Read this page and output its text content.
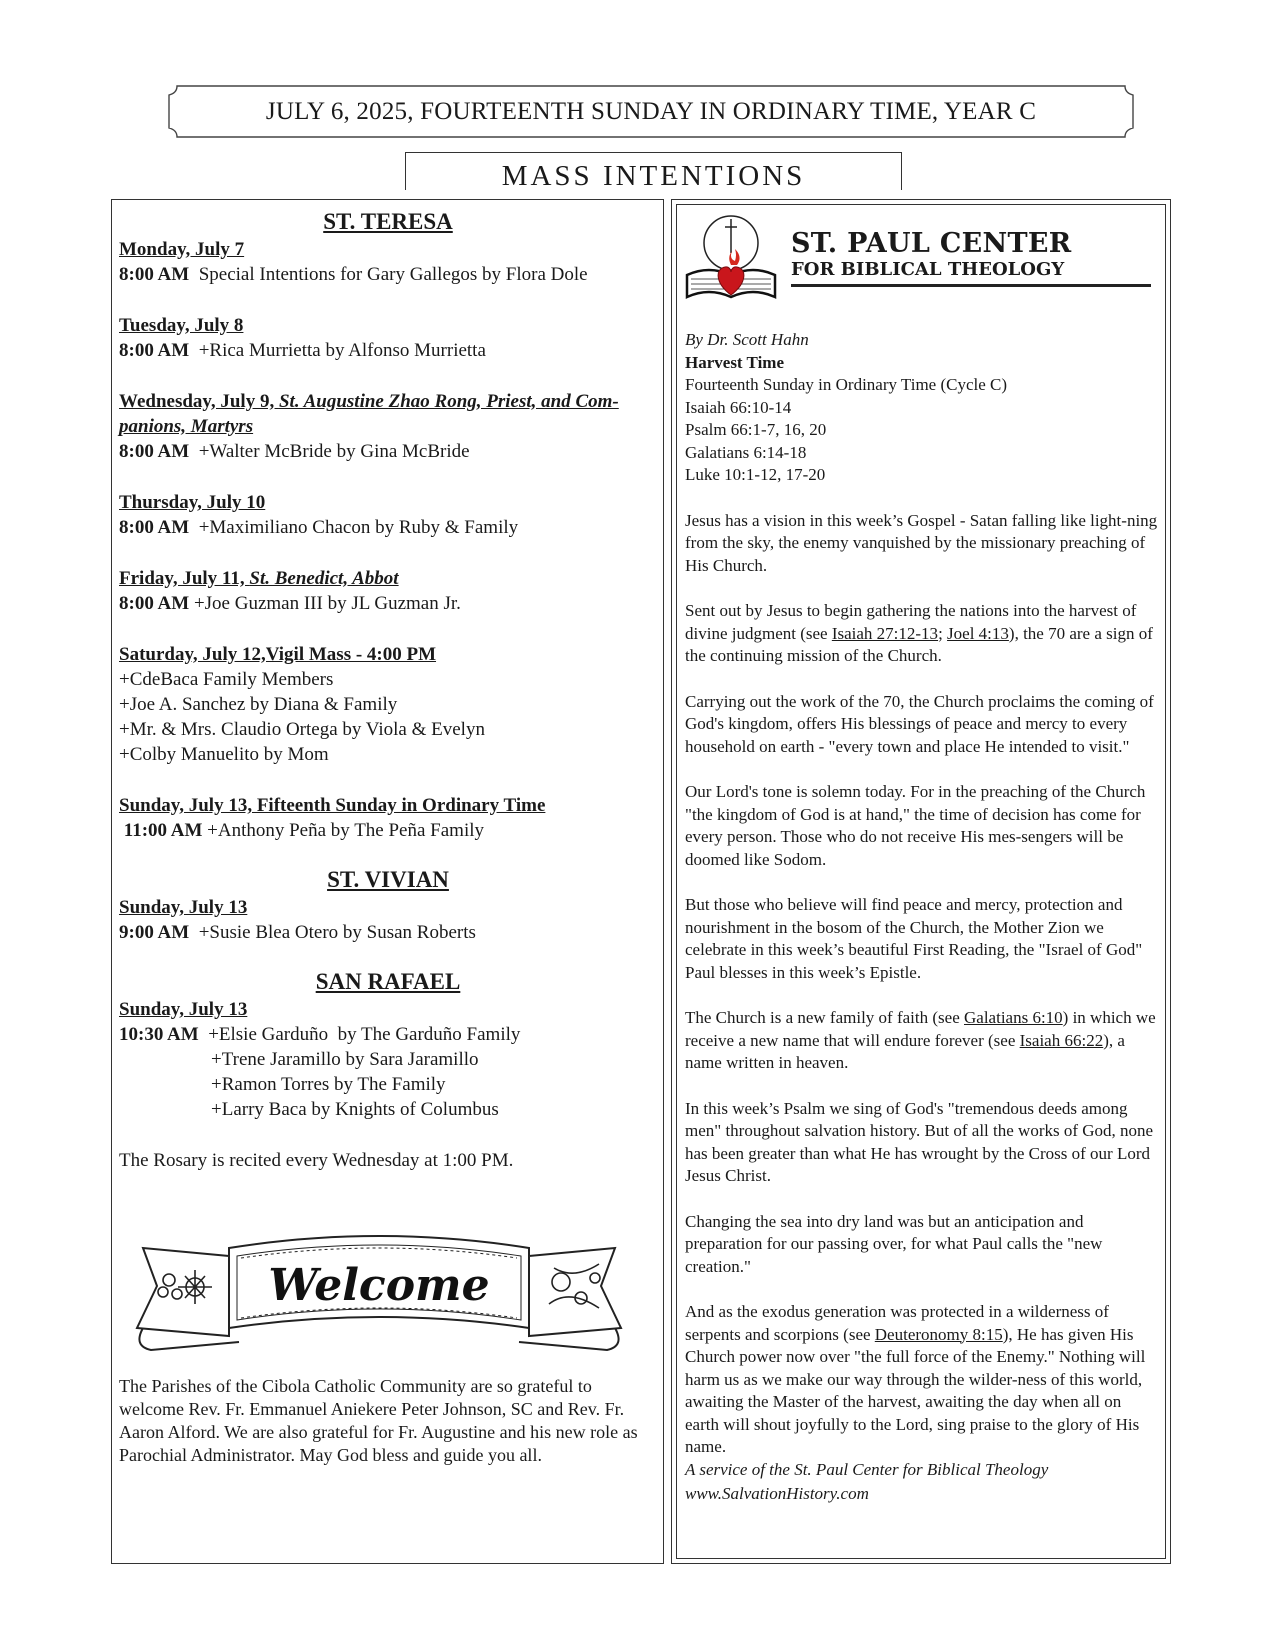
JULY 6, 2025, FOURTEENTH SUNDAY IN ORDINARY TIME, YEAR C
MASS INTENTIONS
ST. TERESA
Monday, July 7
8:00 AM  Special Intentions for Gary Gallegos by Flora Dole
Tuesday, July 8
8:00 AM  +Rica Murrietta by Alfonso Murrietta
Wednesday, July 9, St. Augustine Zhao Rong, Priest, and Com-
panions, Martyrs
8:00 AM  +Walter McBride by Gina McBride
Thursday, July 10
8:00 AM  +Maximiliano Chacon by Ruby & Family
Friday, July 11, St. Benedict, Abbot
8:00 AM +Joe Guzman III by JL Guzman Jr.
Saturday, July 12,Vigil Mass - 4:00 PM
+CdeBaca Family Members
+Joe A. Sanchez by Diana & Family
+Mr. & Mrs. Claudio Ortega by Viola & Evelyn
+Colby Manuelito by Mom
Sunday, July 13, Fifteenth Sunday in Ordinary Time
11:00 AM +Anthony Peña by The Peña Family
ST. VIVIAN
Sunday, July 13
9:00 AM  +Susie Blea Otero by Susan Roberts
SAN RAFAEL
Sunday, July 13
10:30 AM  +Elsie Garduño  by The Garduño Family
+Trene Jaramillo by Sara Jaramillo
+Ramon Torres by The Family
+Larry Baca by Knights of Columbus
The Rosary is recited every Wednesday at 1:00 PM.
Welcome
The Parishes of the Cibola Catholic Community are so grateful to welcome Rev. Fr. Emmanuel Aniekere Peter Johnson, SC and Rev. Fr. Aaron Alford. We are also grateful for Fr. Augustine and his new role as Parochial Administrator. May God bless and guide you all.
ST. PAUL CENTER
FOR BIBLICAL THEOLOGY
By Dr. Scott Hahn
Harvest Time
Fourteenth Sunday in Ordinary Time (Cycle C)
Isaiah 66:10-14
Psalm 66:1-7, 16, 20
Galatians 6:14-18
Luke 10:1-12, 17-20
Jesus has a vision in this week’s Gospel - Satan falling like light-ning from the sky, the enemy vanquished by the missionary preaching of His Church.
Sent out by Jesus to begin gathering the nations into the harvest of divine judgment (see Isaiah 27:12-13; Joel 4:13), the 70 are a sign of the continuing mission of the Church.
Carrying out the work of the 70, the Church proclaims the coming of God's kingdom, offers His blessings of peace and mercy to every household on earth - "every town and place He intended to visit."
Our Lord's tone is solemn today. For in the preaching of the Church "the kingdom of God is at hand," the time of decision has come for every person. Those who do not receive His mes-sengers will be doomed like Sodom.
But those who believe will find peace and mercy, protection and nourishment in the bosom of the Church, the Mother Zion we celebrate in this week’s beautiful First Reading, the "Israel of God" Paul blesses in this week’s Epistle.
The Church is a new family of faith (see Galatians 6:10) in which we receive a new name that will endure forever (see Isaiah 66:22), a name written in heaven.
In this week’s Psalm we sing of God's "tremendous deeds among men" throughout salvation history. But of all the works of God, none has been greater than what He has wrought by the Cross of our Lord Jesus Christ.
Changing the sea into dry land was but an anticipation and preparation for our passing over, for what Paul calls the "new creation."
And as the exodus generation was protected in a wilderness of serpents and scorpions (see Deuteronomy 8:15), He has given His Church power now over "the full force of the Enemy." Nothing will harm us as we make our way through the wilder-ness of this world, awaiting the Master of the harvest, awaiting the day when all on earth will shout joyfully to the Lord, sing praise to the glory of His name.
A service of the St. Paul Center for Biblical Theology
www.SalvationHistory.com
